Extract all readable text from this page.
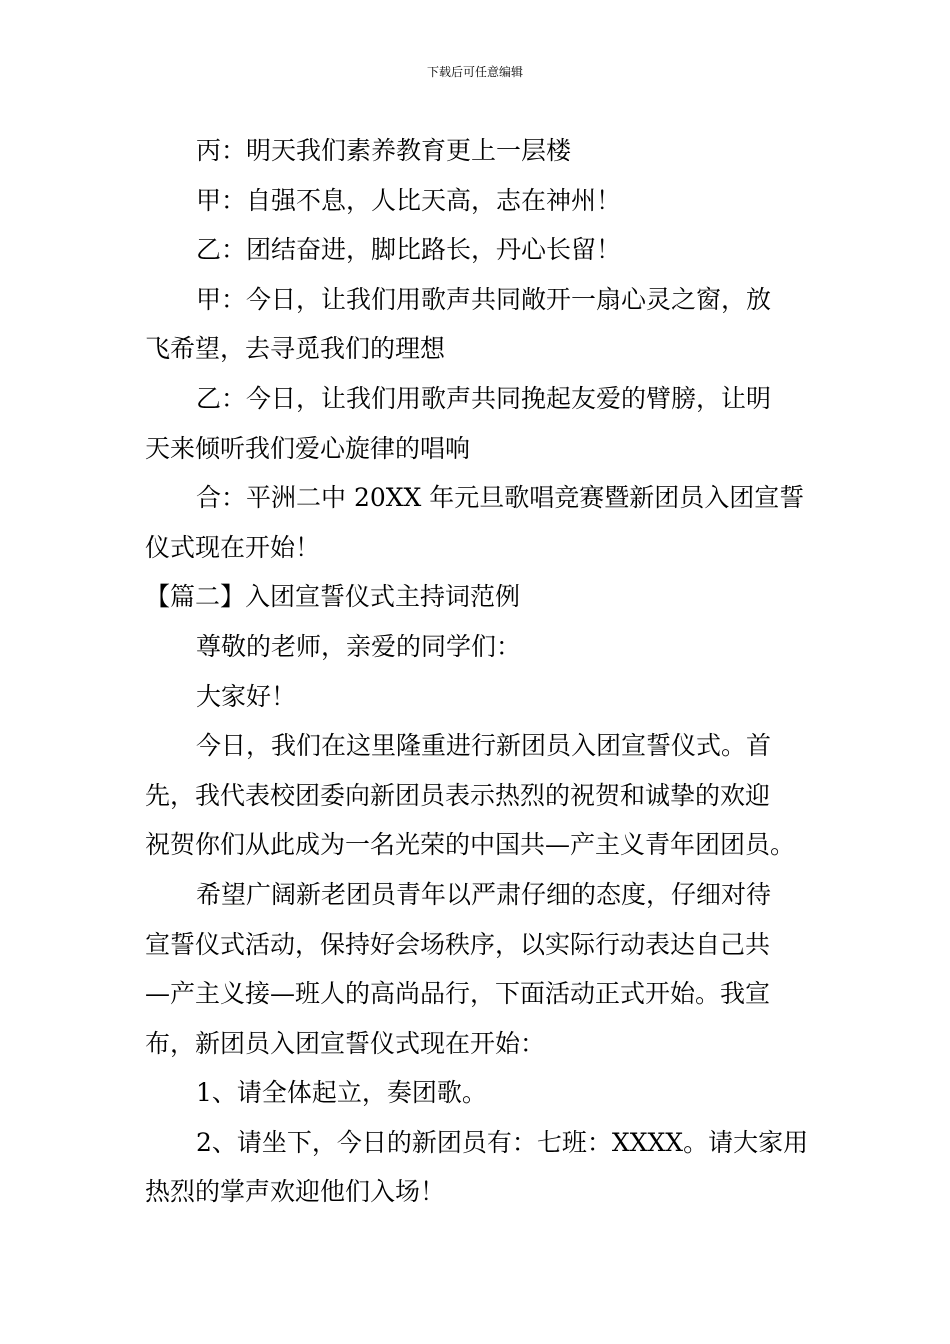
下载后可任意编辑
丙：明天我们素养教育更上一层楼
甲：自强不息，人比天高，志在神州！
乙：团结奋进，脚比路长，丹心长留！
甲：今日，让我们用歌声共同敞开一扇心灵之窗，放
飞希望，去寻觅我们的理想
乙：今日，让我们用歌声共同挽起友爱的臂膀，让明
天来倾听我们爱心旋律的唱响
合：平洲二中 20XX 年元旦歌唱竞赛暨新团员入团宣誓
仪式现在开始！
【篇二】入团宣誓仪式主持词范例
尊敬的老师，亲爱的同学们：
大家好！
今日，我们在这里隆重进行新团员入团宣誓仪式。首
先，我代表校团委向新团员表示热烈的祝贺和诚挚的欢迎
祝贺你们从此成为一名光荣的中国共—产主义青年团团员。
希望广阔新老团员青年以严肃仔细的态度，仔细对待
宣誓仪式活动，保持好会场秩序，以实际行动表达自己共
—产主义接—班人的高尚品行，下面活动正式开始。我宣
布，新团员入团宣誓仪式现在开始：
1、请全体起立，奏团歌。
2、请坐下，今日的新团员有：七班：XXXX。请大家用
热烈的掌声欢迎他们入场！
